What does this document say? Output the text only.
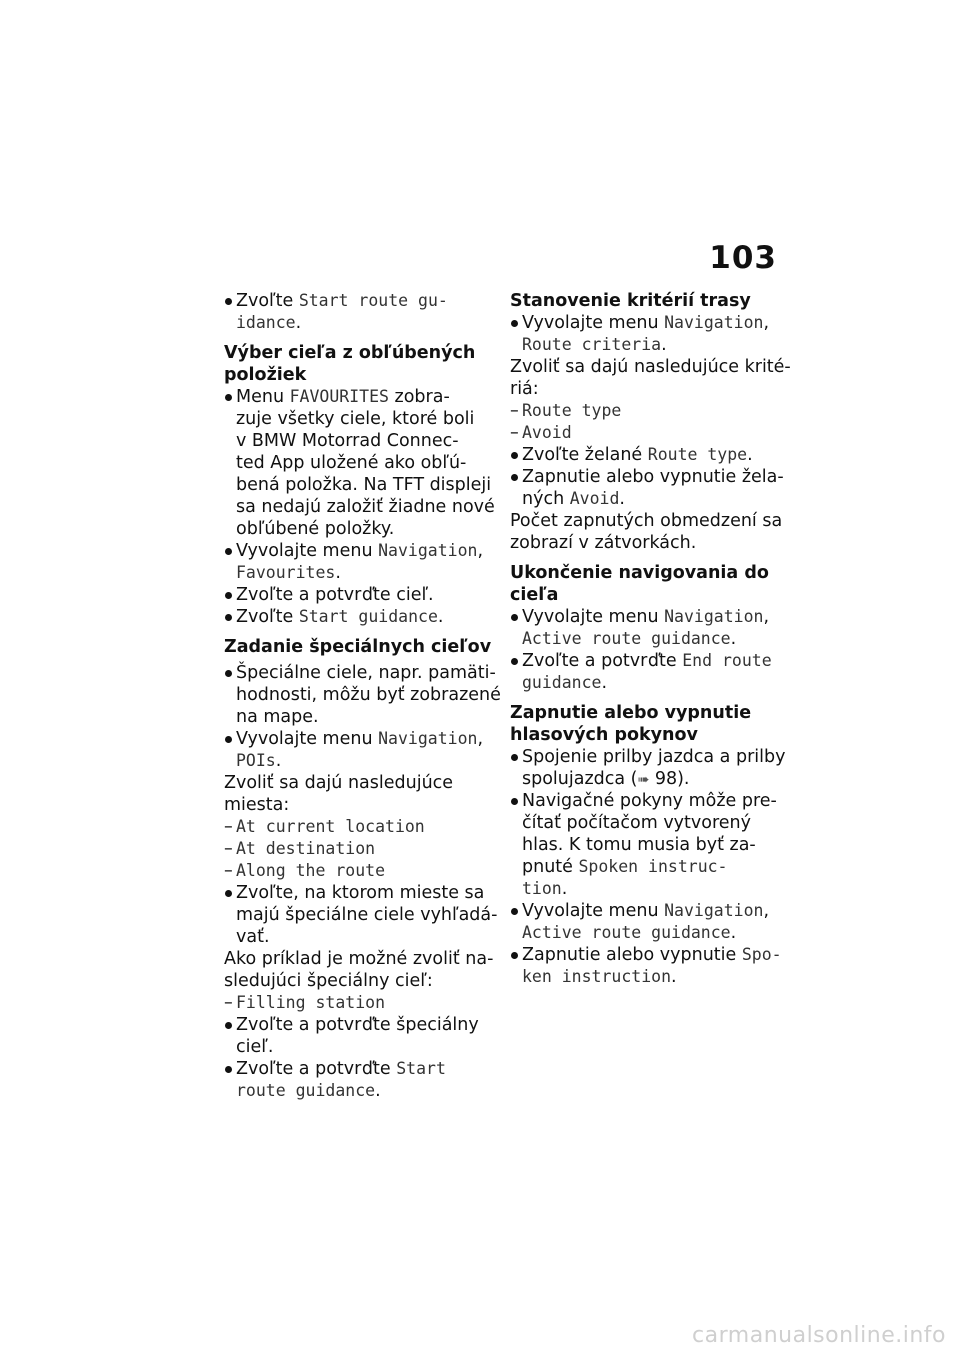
103
Zvoľte Start route gu-
idance.
Výber cieľa z obľúbených
položiek
Menu FAVOURITES zobra-
zuje všetky ciele, ktoré boli
v BMW Motorrad Connec-
ted App uložené ako obľú-
bená položka. Na TFT displeji
sa nedajú založiť žiadne nové
obľúbené položky.
Vyvolajte menu Navigation,
Favourites.
Zvoľte a potvrďte cieľ.
Zvoľte Start guidance.
Zadanie špeciálnych cieľov
Špeciálne ciele, napr. pamäti-
hodnosti, môžu byť zobrazené
na mape.
Vyvolajte menu Navigation,
POIs.
Zvoliť sa dajú nasledujúce
miesta:
– At current location
– At destination
– Along the route
Zvoľte, na ktorom mieste sa
majú špeciálne ciele vyhľadá-
vať.
Ako príklad je možné zvoliť na-
sledujúci špeciálny cieľ:
– Filling station
Zvoľte a potvrďte špeciálny
cieľ.
Zvoľte a potvrďte Start
route guidance.
Stanovenie kritérií trasy
Vyvolajte menu Navigation,
Route criteria.
Zvoliť sa dajú nasledujúce krité-
riá:
– Route type
– Avoid
Zvoľte želané Route type.
Zapnutie alebo vypnutie žela-
ných Avoid.
Počet zapnutých obmedzení sa
zobrazí v zátvorkách.
Ukončenie navigovania do
cieľa
Vyvolajte menu Navigation,
Active route guidance.
Zvoľte a potvrďte End route
guidance.
Zapnutie alebo vypnutie
hlasových pokynov
Spojenie prilby jazdca a prilby
spolujazdca (➠ 98).
Navigačné pokyny môže pre-
čítať počítačom vytvorený
hlas. K tomu musia byť za-
pnuté Spoken instruc-
tion.
Vyvolajte menu Navigation,
Active route guidance.
Zapnutie alebo vypnutie Spo-
ken instruction.
carmanualsonline.info
